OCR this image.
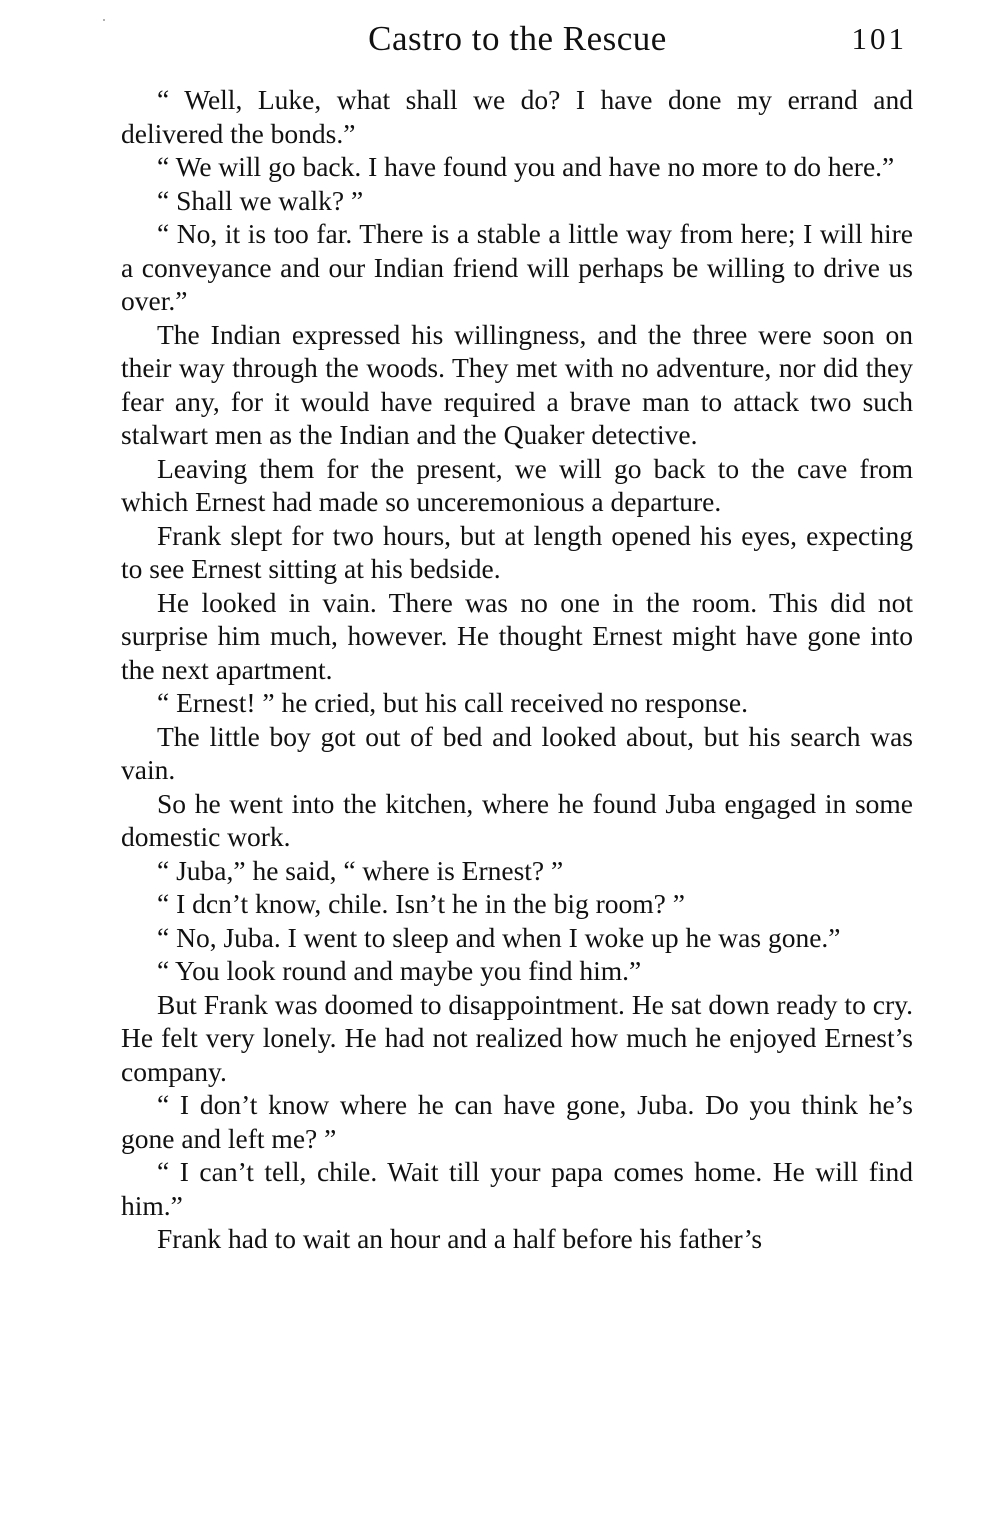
Castro to the Rescue	101

“ Well, Luke, what shall we do? I have done my errand and delivered the bonds.”

“ We will go back. I have found you and have no more to do here.”

“ Shall we walk? ”

“ No, it is too far. There is a stable a little way from here; I will hire a conveyance and our Indian friend will perhaps be willing to drive us over.”

The Indian expressed his willingness, and the three were soon on their way through the woods. They met with no adventure, nor did they fear any, for it would have required a brave man to attack two such stalwart men as the Indian and the Quaker detective.

Leaving them for the present, we will go back to the cave from which Ernest had made so unceremonious a departure.

Frank slept for two hours, but at length opened his eyes, expecting to see Ernest sitting at his bedside.

He looked in vain. There was no one in the room. This did not surprise him much, however. He thought Ernest might have gone into the next apartment.

“ Ernest! ” he cried, but his call received no response.

The little boy got out of bed and looked about, but his search was vain.

So he went into the kitchen, where he found Juba engaged in some domestic work.

“ Juba,” he said, “ where is Ernest? ”

“ I dcn’t know, chile. Isn’t he in the big room? ”

“ No, Juba. I went to sleep and when I woke up he was gone.”

“ You look round and maybe you find him.”

But Frank was doomed to disappointment. He sat down ready to cry. He felt very lonely. He had not realized how much he enjoyed Ernest’s company.

“ I don’t know where he can have gone, Juba. Do you think he’s gone and left me? ”

“ I can’t tell, chile. Wait till your papa comes home. He will find him.”

Frank had to wait an hour and a half before his father’s
